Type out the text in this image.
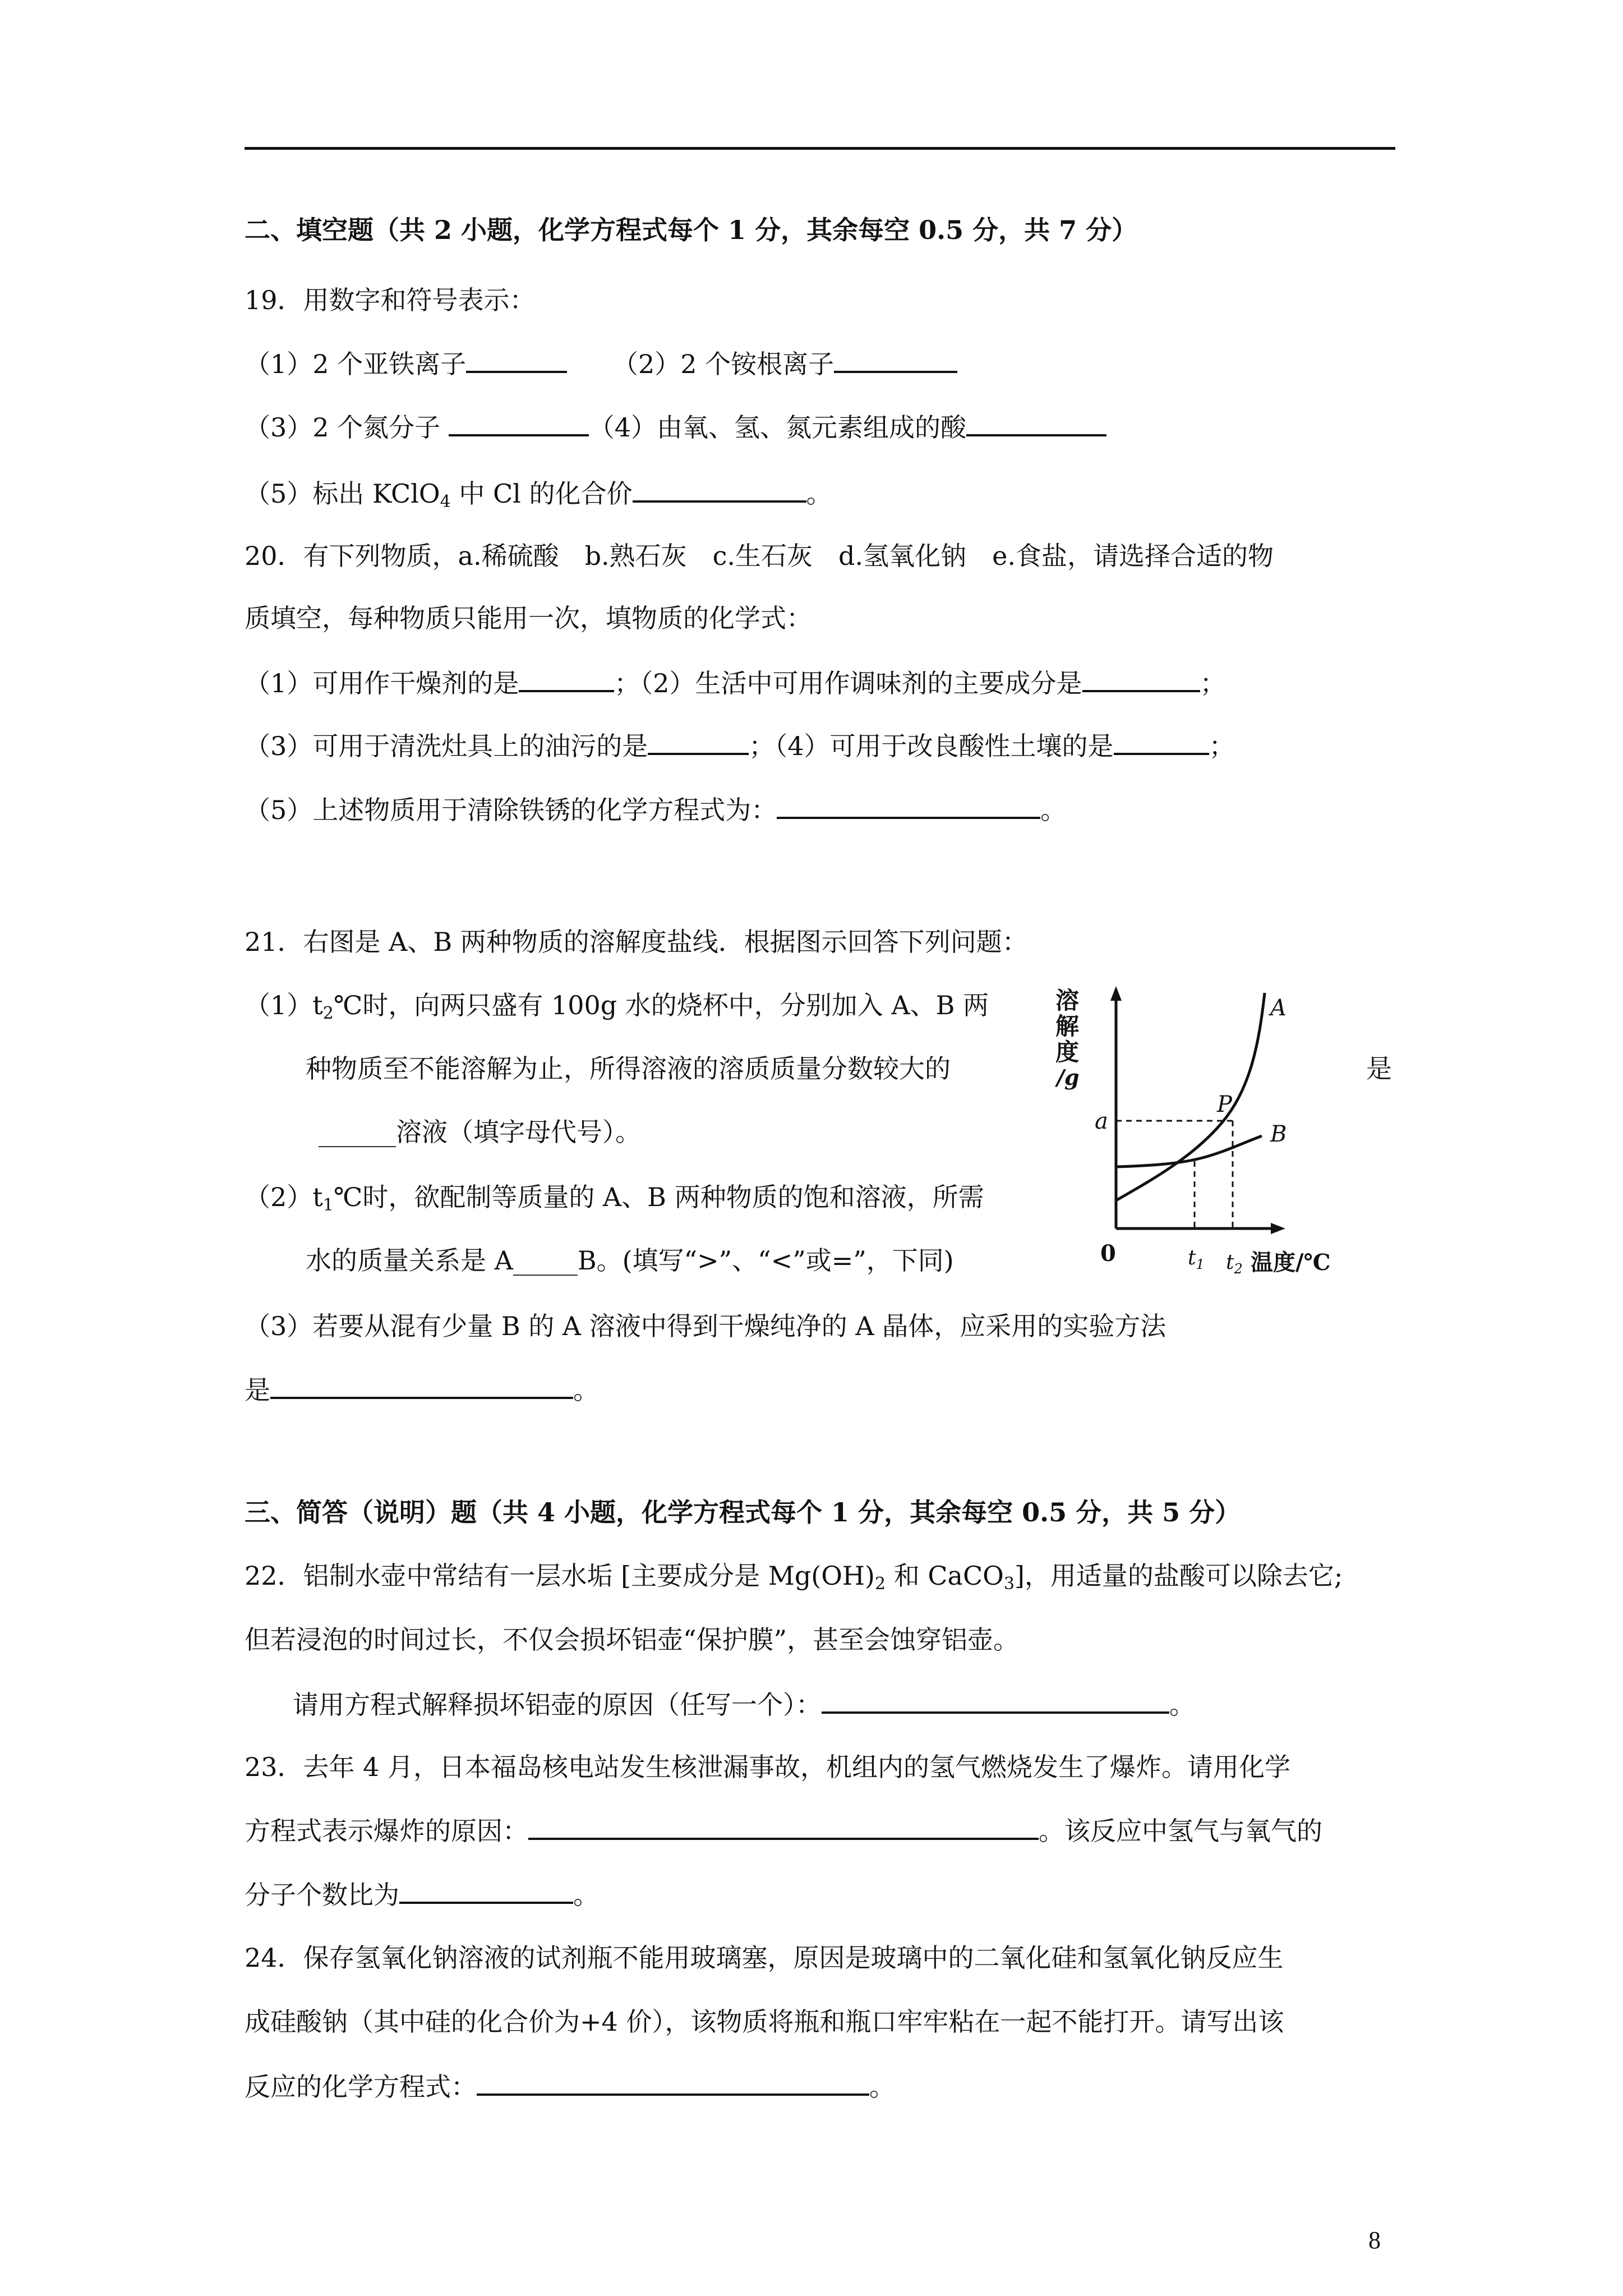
二、填空题（共 2 小题，化学方程式每个 1 分，其余每空 0.5 分，共 7 分）
19．用数字和符号表示：
（1）2 个亚铁离子	（2）2 个铵根离子
（3）2 个氮分子	（4）由氧、氢、氮元素组成的酸
（5）标出 KClO$_4$ 中 Cl 的化合价	。
20．有下列物质，a.稀硫酸　b.熟石灰　c.生石灰　d.氢氧化钠　e.食盐，请选择合适的物
质填空，每种物质只能用一次，填物质的化学式：
（1）可用作干燥剂的是	；（2）生活中可用作调味剂的主要成分是	；
（3）可用于清洗灶具上的油污的是	；（4）可用于改良酸性土壤的是	；
（5）上述物质用于清除铁锈的化学方程式为：	。
21．右图是 A、B 两种物质的溶解度盐线．根据图示回答下列问题：
$(1)t_2℃$时，向两只盛有 100g 水的烧杯中，分别加入 A、B 两
种物质至不能溶解为止，所得溶液的溶质质量分数较大的	是
______溶液（填字母代号）。
$(2)t_1℃$时，欲配制等质量的 A、B 两种物质的饱和溶液，所需
水的质量关系是 A_____B。(填写“>”、“<”或=”，下同)
（3）若要从混有少量 B 的 A 溶液中得到干燥纯净的 A 晶体，应采用的实验方法
是	。
溶
解
度
/g
A
B
P
a
0	$t_1$ $t_2$ 温度/℃
三、简答（说明）题（共 4 小题，化学方程式每个 1 分，其余每空 0.5 分，共 5 分）
22．铝制水壶中常结有一层水垢 [主要成分是 $Mg(OH)_2$ 和 CaCO$_3$]，用适量的盐酸可以除去它;
但若浸泡的时间过长，不仅会损坏铝壶“保护膜”，甚至会蚀穿铝壶。
请用方程式解释损坏铝壶的原因（任写一个）：	。
23．去年 4 月，日本福岛核电站发生核泄漏事故，机组内的氢气燃烧发生了爆炸。请用化学
方程式表示爆炸的原因：	。该反应中氢气与氧气的
分子个数比为	。
24．保存氢氧化钠溶液的试剂瓶不能用玻璃塞，原因是玻璃中的二氧化硅和氢氧化钠反应生
成硅酸钠（其中硅的化合价为+4 价），该物质将瓶和瓶口牢牢粘在一起不能打开。请写出该
反应的化学方程式：	。
8
